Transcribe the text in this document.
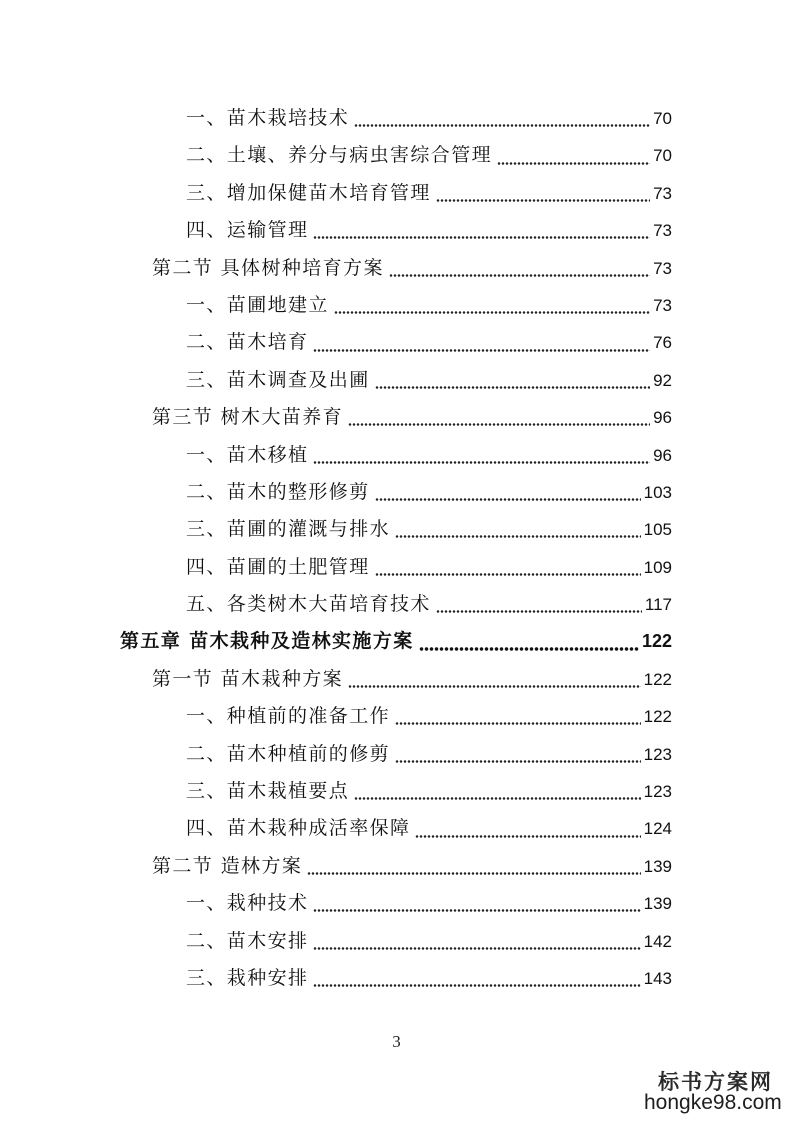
一、苗木栽培技术	70
二、土壤、养分与病虫害综合管理	70
三、增加保健苗木培育管理	73
四、运输管理	73
第二节 具体树种培育方案	73
一、苗圃地建立	73
二、苗木培育	76
三、苗木调查及出圃	92
第三节 树木大苗养育	96
一、苗木移植	96
二、苗木的整形修剪	103
三、苗圃的灌溉与排水	105
四、苗圃的土肥管理	109
五、各类树木大苗培育技术	117
第五章 苗木栽种及造林实施方案	122
第一节 苗木栽种方案	122
一、种植前的准备工作	122
二、苗木种植前的修剪	123
三、苗木栽植要点	123
四、苗木栽种成活率保障	124
第二节 造林方案	139
一、栽种技术	139
二、苗木安排	142
三、栽种安排	143
3
标书方案网
hongke98.com
